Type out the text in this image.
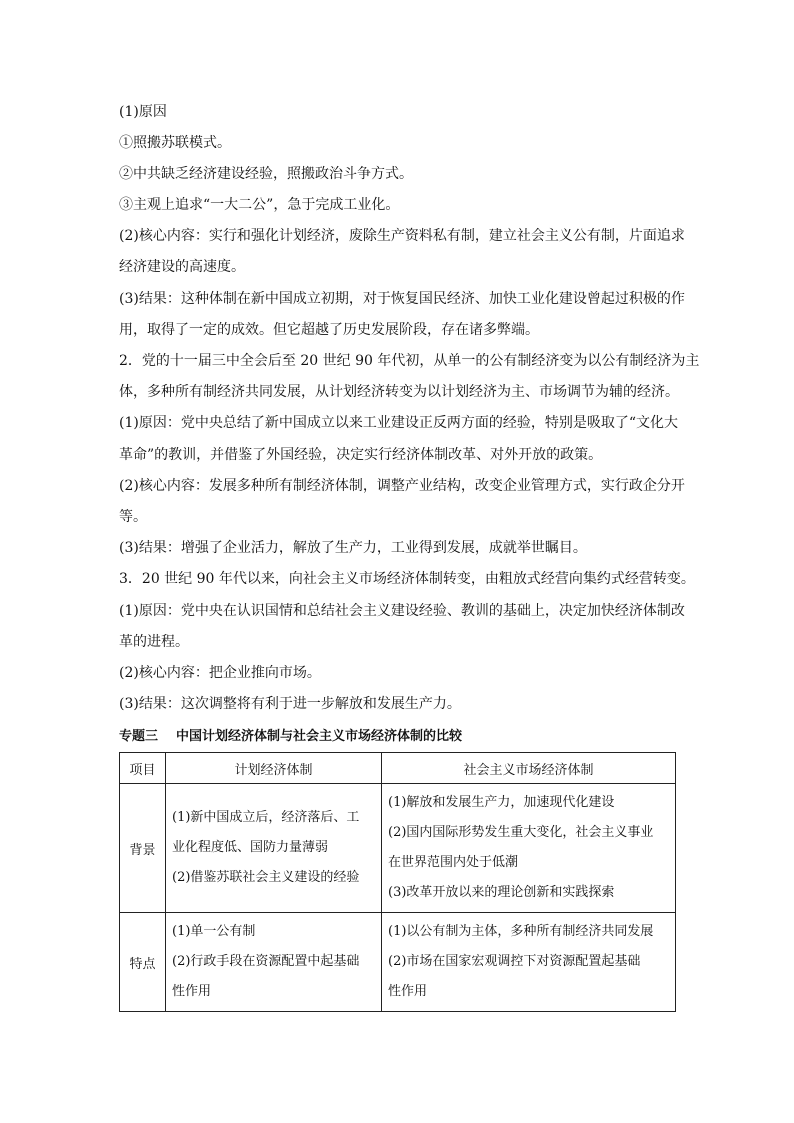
(1)原因
①照搬苏联模式。
②中共缺乏经济建设经验，照搬政治斗争方式。
③主观上追求“一大二公”，急于完成工业化。
(2)核心内容：实行和强化计划经济，废除生产资料私有制，建立社会主义公有制，片面追求
经济建设的高速度。
(3)结果：这种体制在新中国成立初期，对于恢复国民经济、加快工业化建设曾起过积极的作
用，取得了一定的成效。但它超越了历史发展阶段，存在诸多弊端。
2．党的十一届三中全会后至 20 世纪 90 年代初，从单一的公有制经济变为以公有制经济为主
体，多种所有制经济共同发展，从计划经济转变为以计划经济为主、市场调节为辅的经济。
(1)原因：党中央总结了新中国成立以来工业建设正反两方面的经验，特别是吸取了“文化大
革命”的教训，并借鉴了外国经验，决定实行经济体制改革、对外开放的政策。
(2)核心内容：发展多种所有制经济体制，调整产业结构，改变企业管理方式，实行政企分开
等。
(3)结果：增强了企业活力，解放了生产力，工业得到发展，成就举世瞩目。
3．20 世纪 90 年代以来，向社会主义市场经济体制转变，由粗放式经营向集约式经营转变。
(1)原因：党中央在认识国情和总结社会主义建设经验、教训的基础上，决定加快经济体制改
革的进程。
(2)核心内容：把企业推向市场。
(3)结果：这次调整将有利于进一步解放和发展生产力。
专题三 中国计划经济体制与社会主义市场经济体制的比较
项目	计划经济体制	社会主义市场经济体制
背景	(1)新中国成立后，经济落后、工
业化程度低、国防力量薄弱
(2)借鉴苏联社会主义建设的经验	(1)解放和发展生产力，加速现代化建设
(2)国内国际形势发生重大变化，社会主义事业
在世界范围内处于低潮
(3)改革开放以来的理论创新和实践探索

特点	(1)单一公有制
(2)行政手段在资源配置中起基础
性作用	(1)以公有制为主体，多种所有制经济共同发展
(2)市场在国家宏观调控下对资源配置起基础
性作用
